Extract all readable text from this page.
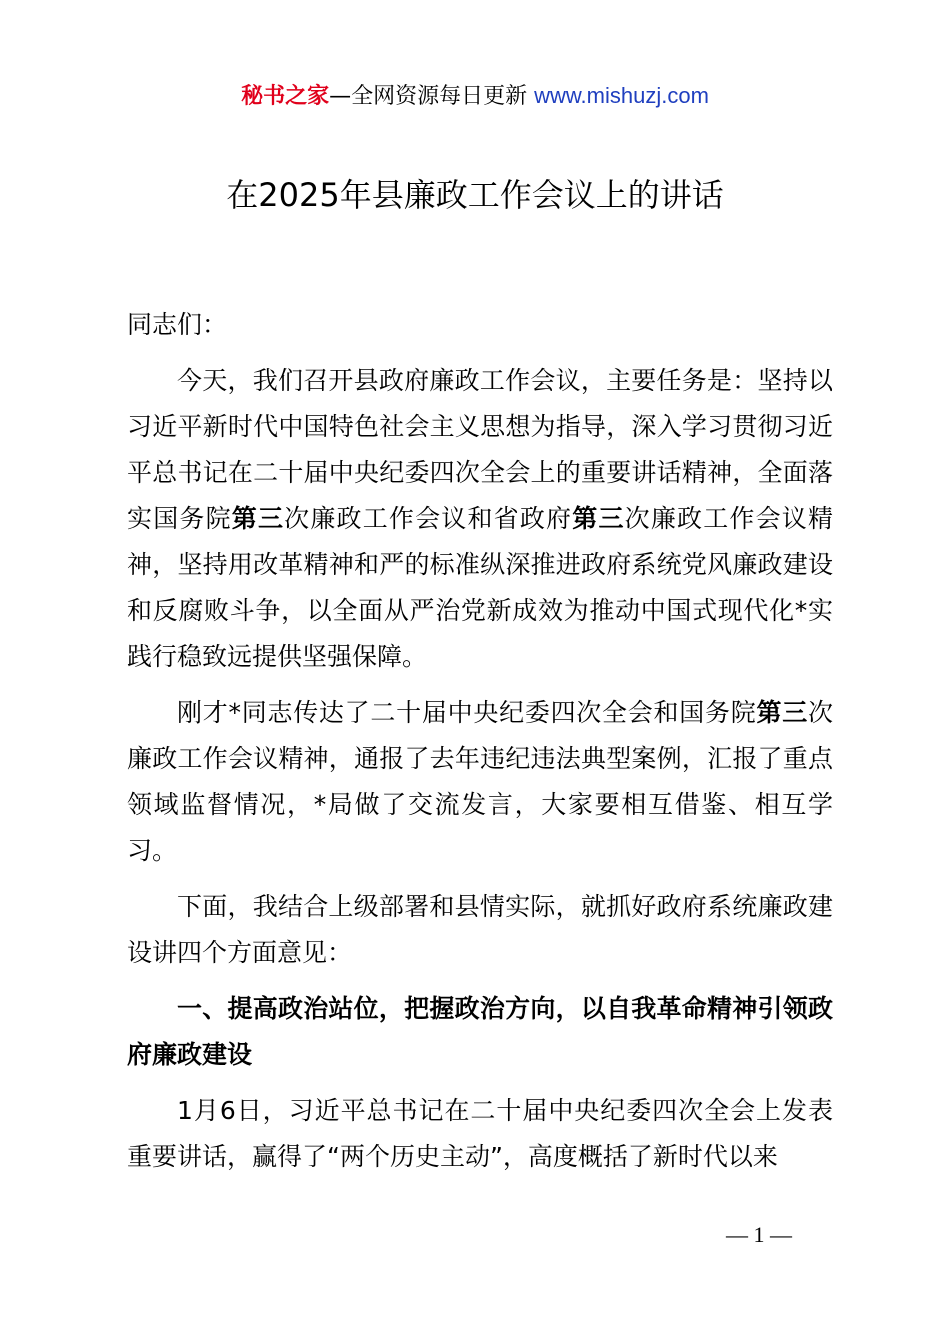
秘书之家—全网资源每日更新 www.mishuzj.com
在2025年县廉政工作会议上的讲话

同志们：

今天，我们召开县政府廉政工作会议，主要任务是：坚持以习近平新时代中国特色社会主义思想为指导，深入学习贯彻习近平总书记在二十届中央纪委四次全会上的重要讲话精神，全面落实国务院第三次廉政工作会议和省政府第三次廉政工作会议精神，坚持用改革精神和严的标准纵深推进政府系统党风廉政建设和反腐败斗争，以全面从严治党新成效为推动中国式现代化*实践行稳致远提供坚强保障。

刚才*同志传达了二十届中央纪委四次全会和国务院第三次廉政工作会议精神，通报了去年违纪违法典型案例，汇报了重点领域监督情况，*局做了交流发言，大家要相互借鉴、相互学习。

下面，我结合上级部署和县情实际，就抓好政府系统廉政建设讲四个方面意见：

一、提高政治站位，把握政治方向，以自我革命精神引领政府廉政建设

1月6日，习近平总书记在二十届中央纪委四次全会上发表重要讲话，赢得了“两个历史主动”，高度概括了新时代以来

— 1 —
